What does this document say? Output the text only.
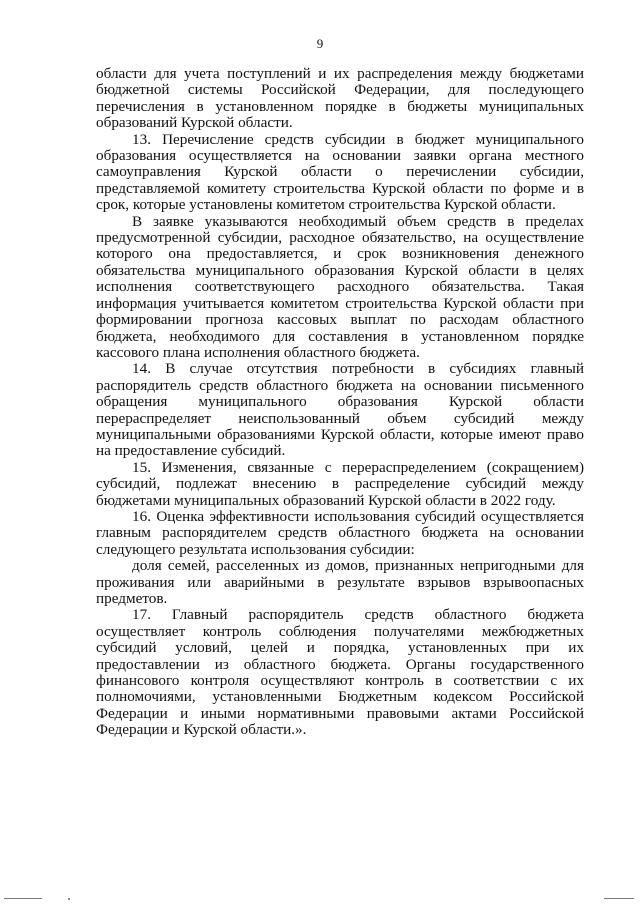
9

области для учета поступлений и их распределения между бюджетами бюджетной системы Российской Федерации, для последующего перечисления в установленном порядке в бюджеты муниципальных образований Курской области.

13. Перечисление средств субсидии в бюджет муниципального образования осуществляется на основании заявки органа местного самоуправления Курской области о перечислении субсидии, представляемой комитету строительства Курской области по форме и в срок, которые установлены комитетом строительства Курской области.

В заявке указываются необходимый объем средств в пределах предусмотренной субсидии, расходное обязательство, на осуществление которого она предоставляется, и срок возникновения денежного обязательства муниципального образования Курской области в целях исполнения соответствующего расходного обязательства. Такая информация учитывается комитетом строительства Курской области при формировании прогноза кассовых выплат по расходам областного бюджета, необходимого для составления в установленном порядке кассового плана исполнения областного бюджета.

14. В случае отсутствия потребности в субсидиях главный распорядитель средств областного бюджета на основании письменного обращения муниципального образования Курской области перераспределяет неиспользованный объем субсидий между муниципальными образованиями Курской области, которые имеют право на предоставление субсидий.

15. Изменения, связанные с перераспределением (сокращением) субсидий, подлежат внесению в распределение субсидий между бюджетами муниципальных образований Курской области в 2022 году.

16. Оценка эффективности использования субсидий осуществляется главным распорядителем средств областного бюджета на основании следующего результата использования субсидии:

доля семей, расселенных из домов, признанных непригодными для проживания или аварийными в результате взрывов взрывоопасных предметов.

17. Главный распорядитель средств областного бюджета осуществляет контроль соблюдения получателями межбюджетных субсидий условий, целей и порядка, установленных при их предоставлении из областного бюджета. Органы государственного финансового контроля осуществляют контроль в соответствии с их полномочиями, установленными Бюджетным кодексом Российской Федерации и иными нормативными правовыми актами Российской Федерации и Курской области.».
